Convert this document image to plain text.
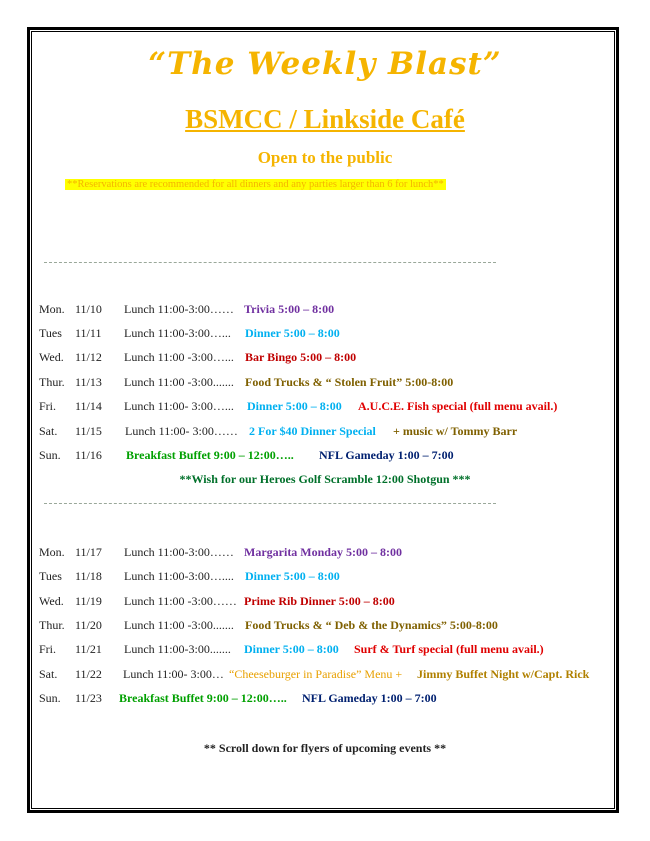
“The Weekly Blast”
BSMCC / Linkside Café
Open to the public
**Reservations are recommended for all dinners and any parties larger than 6 for lunch**
Mon. 11/10 Lunch 11:00-3:00…… Trivia 5:00 – 8:00
Tues 11/11 Lunch 11:00-3:00…... Dinner 5:00 – 8:00
Wed. 11/12 Lunch 11:00 -3:00…... Bar Bingo 5:00 – 8:00
Thur. 11/13 Lunch 11:00 -3:00....... Food Trucks & “ Stolen Fruit” 5:00-8:00
Fri. 11/14 Lunch 11:00- 3:00…... Dinner 5:00 – 8:00 A.U.C.E. Fish special (full menu avail.)
Sat. 11/15 Lunch 11:00- 3:00…… 2 For $40 Dinner Special + music w/ Tommy Barr
Sun. 11/16 Breakfast Buffet 9:00 – 12:00….. NFL Gameday 1:00 – 7:00
**Wish for our Heroes Golf Scramble 12:00 Shotgun ***
Mon. 11/17 Lunch 11:00-3:00…… Margarita Monday 5:00 – 8:00
Tues 11/18 Lunch 11:00-3:00….... Dinner 5:00 – 8:00
Wed. 11/19 Lunch 11:00 -3:00…… Prime Rib Dinner 5:00 – 8:00
Thur. 11/20 Lunch 11:00 -3:00....... Food Trucks & “ Deb & the Dynamics” 5:00-8:00
Fri. 11/21 Lunch 11:00-3:00....... Dinner 5:00 – 8:00 Surf & Turf special (full menu avail.)
Sat. 11/22 Lunch 11:00- 3:00… “Cheeseburger in Paradise” Menu + Jimmy Buffet Night w/Capt. Rick
Sun. 11/23 Breakfast Buffet 9:00 – 12:00….. NFL Gameday 1:00 – 7:00
** Scroll down for flyers of upcoming events **
